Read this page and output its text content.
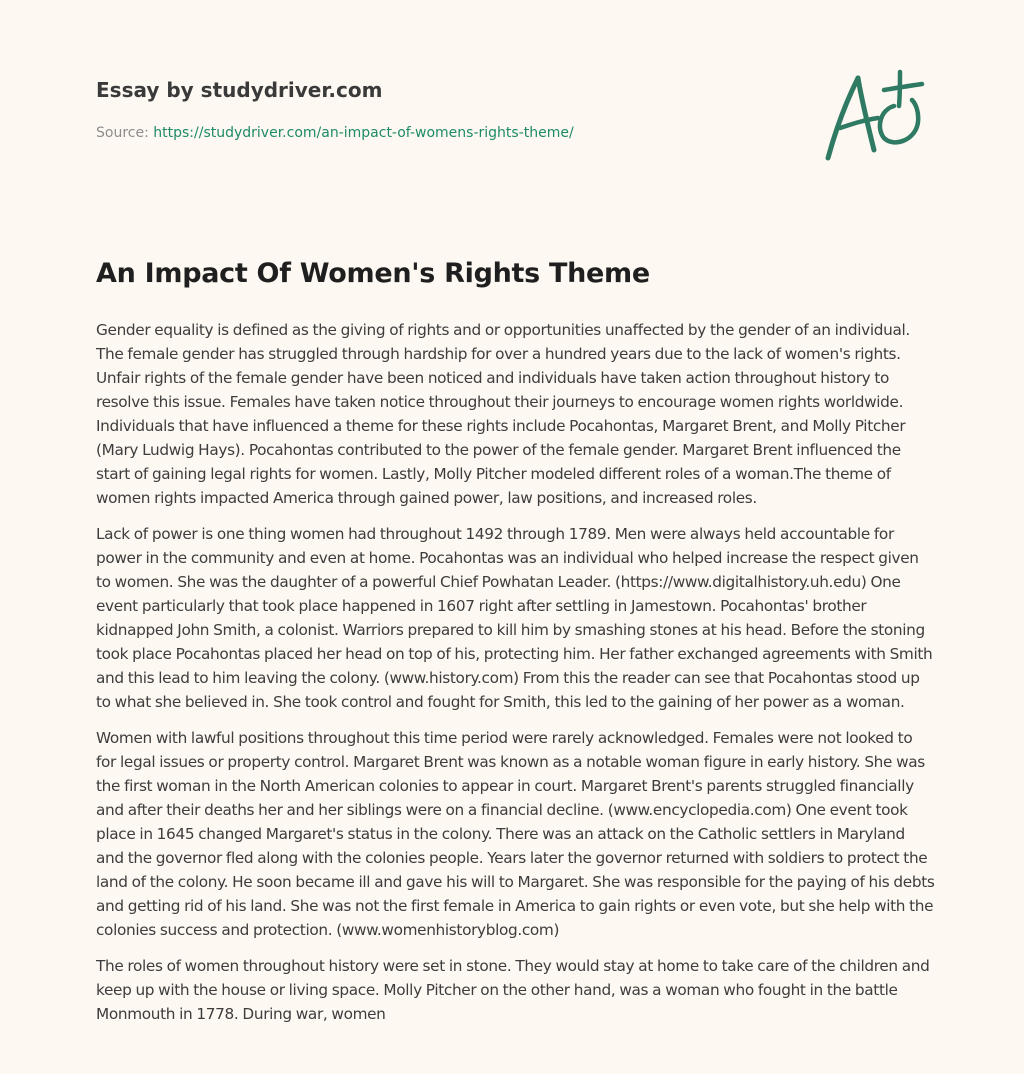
Essay by studydriver.com
Source: https://studydriver.com/an-impact-of-womens-rights-theme/
An Impact Of Women's Rights Theme

Gender equality is defined as the giving of rights and or opportunities unaffected by the gender of an individual. The female gender has struggled through hardship for over a hundred years due to the lack of women's rights. Unfair rights of the female gender have been noticed and individuals have taken action throughout history to resolve this issue. Females have taken notice throughout their journeys to encourage women rights worldwide. Individuals that have influenced a theme for these rights include Pocahontas, Margaret Brent, and Molly Pitcher (Mary Ludwig Hays). Pocahontas contributed to the power of the female gender. Margaret Brent influenced the start of gaining legal rights for women. Lastly, Molly Pitcher modeled different roles of a woman.The theme of women rights impacted America through gained power, law positions, and increased roles.

Lack of power is one thing women had throughout 1492 through 1789. Men were always held accountable for power in the community and even at home. Pocahontas was an individual who helped increase the respect given to women. She was the daughter of a powerful Chief Powhatan Leader. (https://www.digitalhistory.uh.edu) One event particularly that took place happened in 1607 right after settling in Jamestown. Pocahontas' brother kidnapped John Smith, a colonist. Warriors prepared to kill him by smashing stones at his head. Before the stoning took place Pocahontas placed her head on top of his, protecting him. Her father exchanged agreements with Smith and this lead to him leaving the colony. (www.history.com) From this the reader can see that Pocahontas stood up to what she believed in. She took control and fought for Smith, this led to the gaining of her power as a woman.

Women with lawful positions throughout this time period were rarely acknowledged. Females were not looked to for legal issues or property control. Margaret Brent was known as a notable woman figure in early history. She was the first woman in the North American colonies to appear in court. Margaret Brent's parents struggled financially and after their deaths her and her siblings were on a financial decline. (www.encyclopedia.com) One event took place in 1645 changed Margaret's status in the colony. There was an attack on the Catholic settlers in Maryland and the governor fled along with the colonies people. Years later the governor returned with soldiers to protect the land of the colony. He soon became ill and gave his will to Margaret. She was responsible for the paying of his debts and getting rid of his land. She was not the first female in America to gain rights or even vote, but she help with the colonies success and protection. (www.womenhistoryblog.com)

The roles of women throughout history were set in stone. They would stay at home to take care of the children and keep up with the house or living space. Molly Pitcher on the other hand, was a woman who fought in the battle Monmouth in 1778. During war, women
